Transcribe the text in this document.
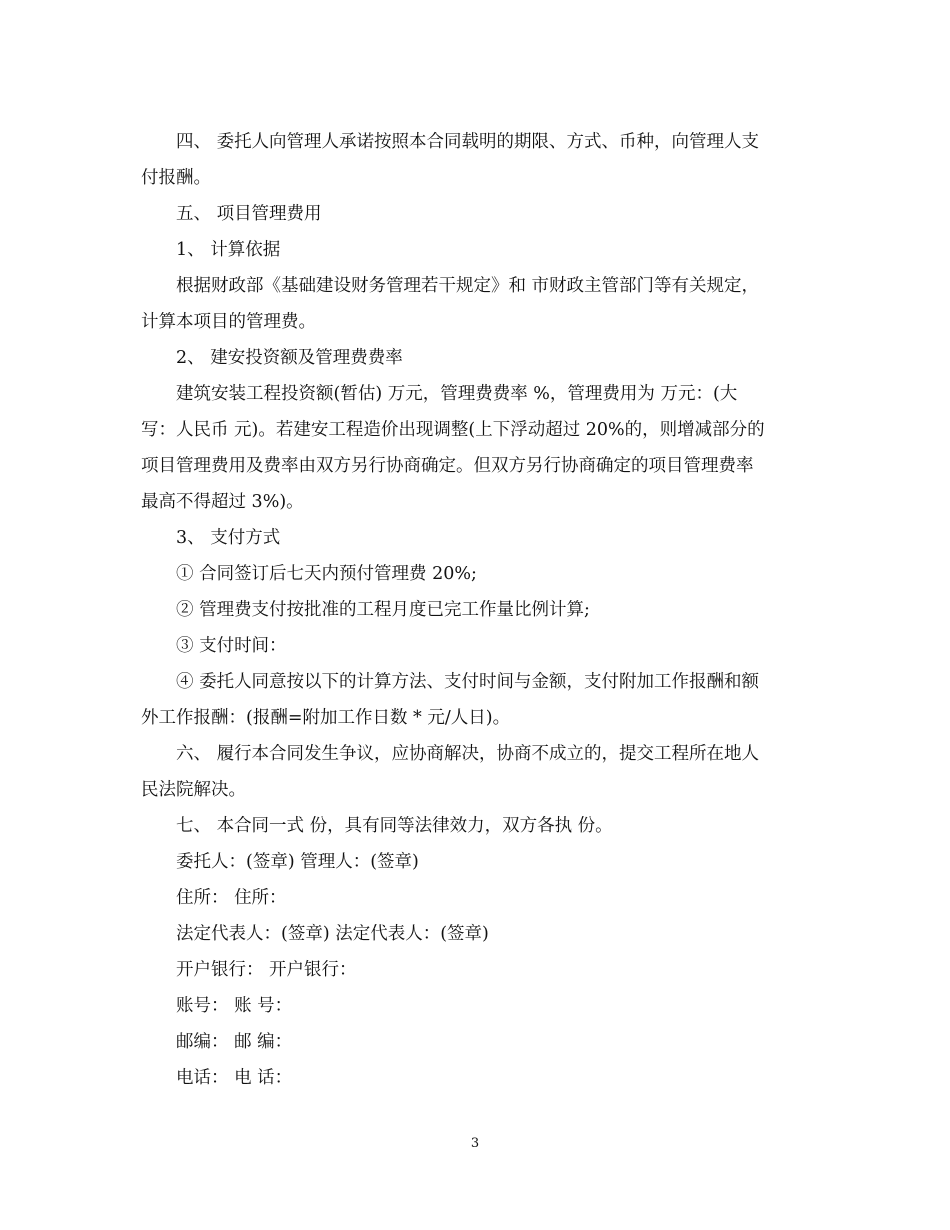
四、 委托人向管理人承诺按照本合同载明的期限、方式、币种，向管理人支

付报酬。

五、 项目管理费用

1、 计算依据

根据财政部《基础建设财务管理若干规定》和 市财政主管部门等有关规定，

计算本项目的管理费。

2、 建安投资额及管理费费率

建筑安装工程投资额(暂估) 万元，管理费费率 %，管理费用为 万元：(大

写：人民币 元)。若建安工程造价出现调整(上下浮动超过 20%的，则增减部分的

项目管理费用及费率由双方另行协商确定。但双方另行协商确定的项目管理费率

最高不得超过 3%)。

3、 支付方式

① 合同签订后七天内预付管理费 20%;

② 管理费支付按批准的工程月度已完工作量比例计算;

③ 支付时间：

④ 委托人同意按以下的计算方法、支付时间与金额，支付附加工作报酬和额

外工作报酬：(报酬=附加工作日数 * 元/人日)。

六、 履行本合同发生争议，应协商解决，协商不成立的，提交工程所在地人

民法院解决。

七、 本合同一式 份，具有同等法律效力，双方各执 份。

委托人：(签章) 管理人：(签章)

住所： 住所：

法定代表人：(签章) 法定代表人：(签章)

开户银行： 开户银行：

账号： 账 号：

邮编： 邮 编：

电话： 电 话：

3
